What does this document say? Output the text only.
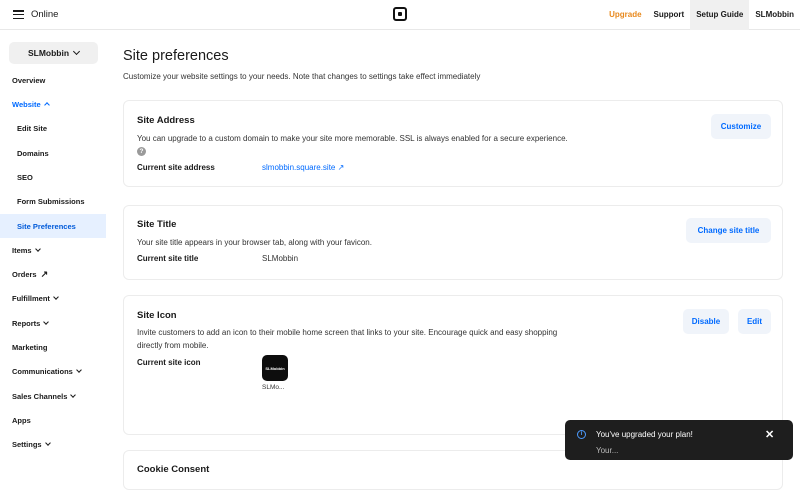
Online	Upgrade	Support	Setup Guide	SLMobbin
SLMobbin
Overview
Website
Edit Site
Domains
SEO
Form Submissions
Site Preferences
Items
Orders ↗
Fulfillment
Reports
Marketing
Communications
Sales Channels
Apps
Settings
Site preferences
Customize your website settings to your needs. Note that changes to settings take effect immediately
Site Address
You can upgrade to a custom domain to make your site more memorable. SSL is always enabled for a secure experience.
?
Current site address	slmobbin.square.site ↗
Customize
Site Title
Your site title appears in your browser tab, along with your favicon.
Current site title	SLMobbin
Change site title
Site Icon
Invite customers to add an icon to their mobile home screen that links to your site. Encourage quick and easy shopping
directly from mobile.
Current site icon
SLMobbin
SLMo...
Disable	Edit
Cookie Consent
i	You've upgraded your plan!	✕
Your...
